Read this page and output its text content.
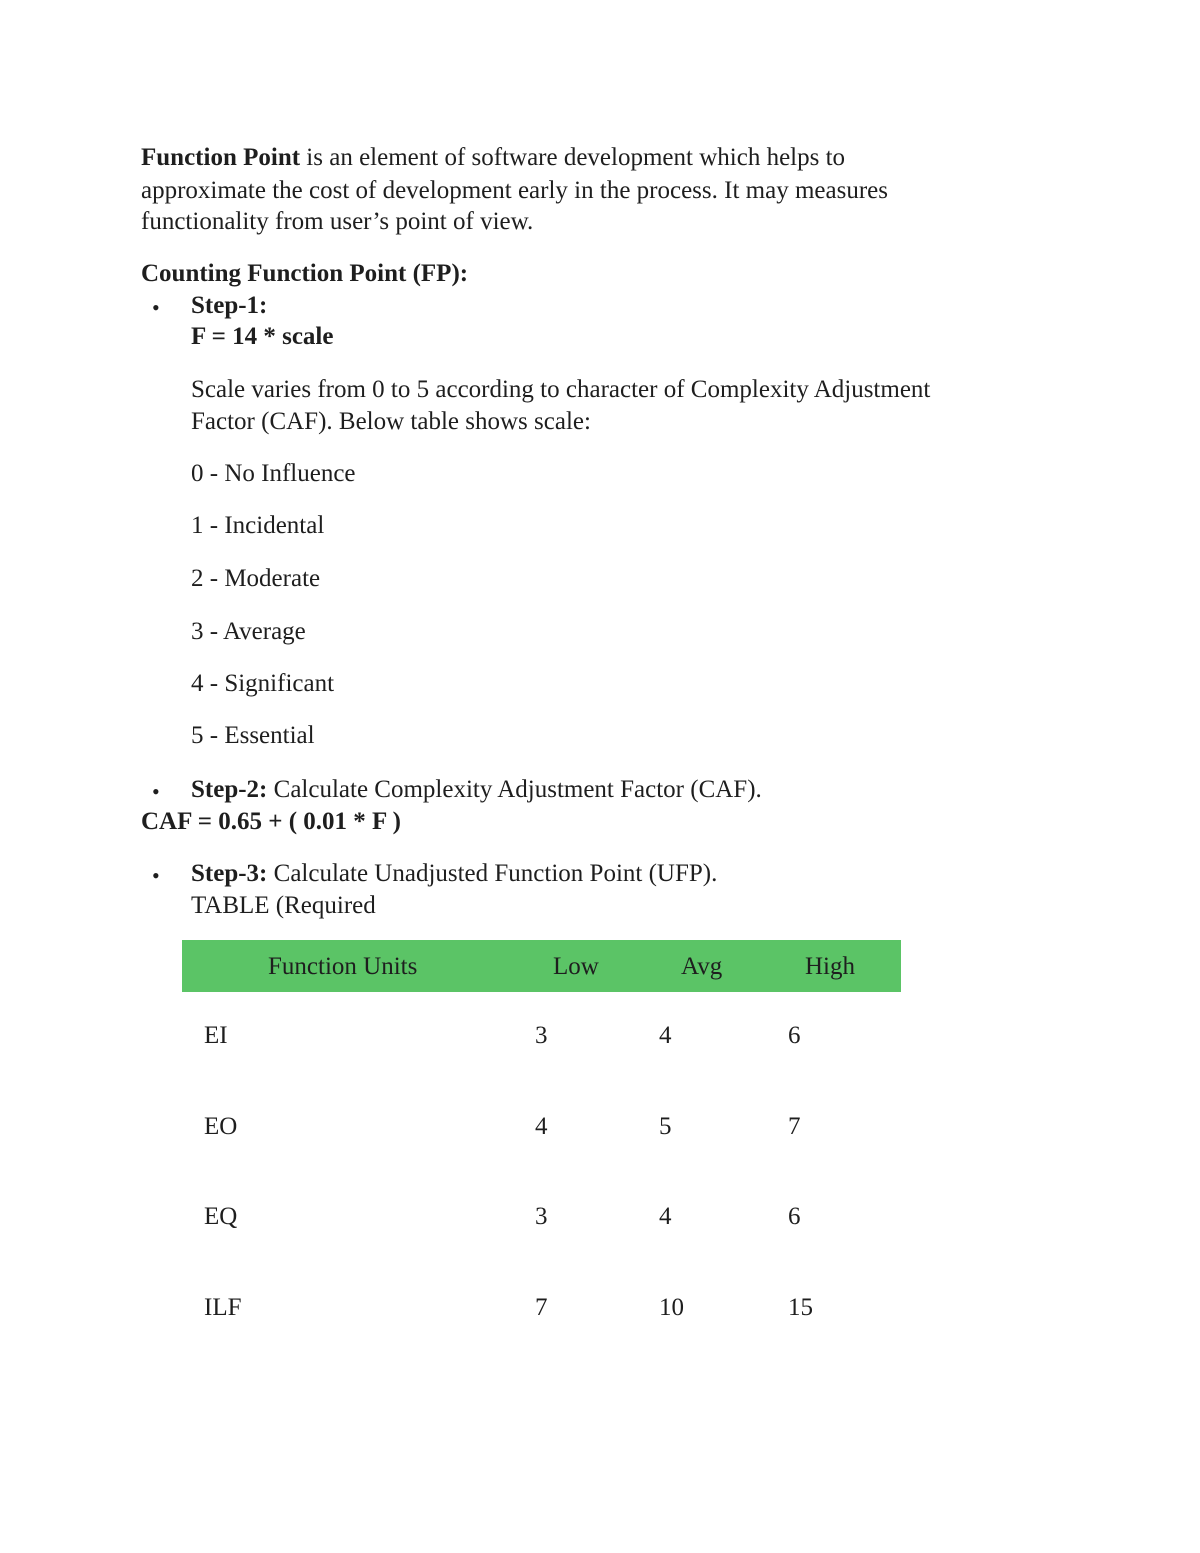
Function Point is an element of software development which helps to
approximate the cost of development early in the process. It may measures
functionality from user’s point of view.
Counting Function Point (FP):
• Step-1:
F = 14 * scale
Scale varies from 0 to 5 according to character of Complexity Adjustment
Factor (CAF). Below table shows scale:
0 - No Influence
1 - Incidental
2 - Moderate
3 - Average
4 - Significant
5 - Essential
• Step-2: Calculate Complexity Adjustment Factor (CAF).
CAF = 0.65 + ( 0.01 * F )
• Step-3: Calculate Unadjusted Function Point (UFP).
TABLE (Required
Function Units	Low	Avg	High
EI	3	4	6
EO	4	5	7
EQ	3	4	6
ILF	7	10	15
